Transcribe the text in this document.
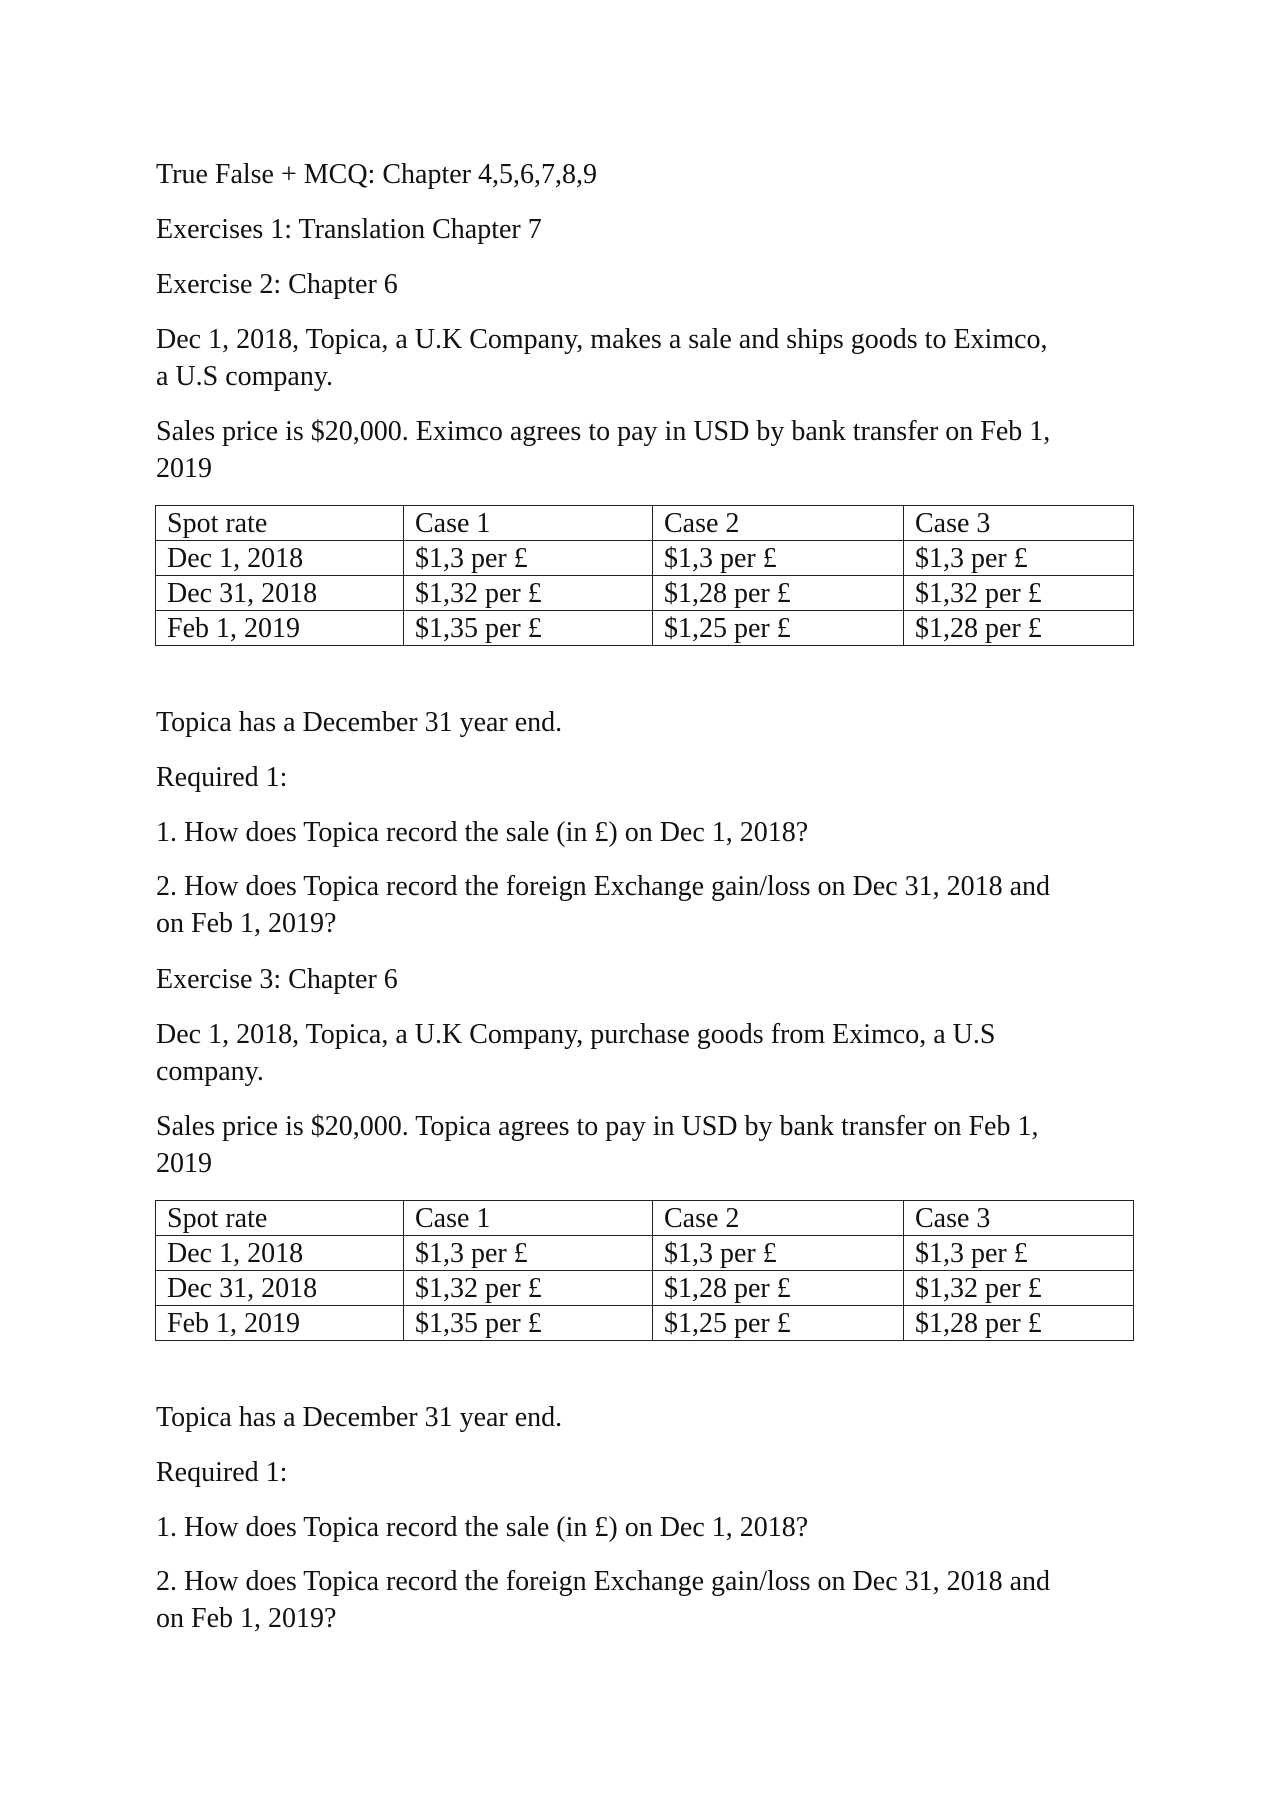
True False + MCQ: Chapter 4,5,6,7,8,9

Exercises 1: Translation Chapter 7

Exercise 2: Chapter 6

Dec 1, 2018, Topica, a U.K Company, makes a sale and ships goods to Eximco,
a U.S company.

Sales price is $20,000. Eximco agrees to pay in USD by bank transfer on Feb 1,
2019

Spot rate	Case 1	Case 2	Case 3
Dec 1, 2018	$1,3 per £	$1,3 per £	$1,3 per £
Dec 31, 2018	$1,32 per £	$1,28 per £	$1,32 per £
Feb 1, 2019	$1,35 per £	$1,25 per £	$1,28 per £

Topica has a December 31 year end.

Required 1:

1. How does Topica record the sale (in £) on Dec 1, 2018?

2. How does Topica record the foreign Exchange gain/loss on Dec 31, 2018 and
on Feb 1, 2019?

Exercise 3: Chapter 6

Dec 1, 2018, Topica, a U.K Company, purchase goods from Eximco, a U.S
company.

Sales price is $20,000. Topica agrees to pay in USD by bank transfer on Feb 1,
2019

Spot rate	Case 1	Case 2	Case 3
Dec 1, 2018	$1,3 per £	$1,3 per £	$1,3 per £
Dec 31, 2018	$1,32 per £	$1,28 per £	$1,32 per £
Feb 1, 2019	$1,35 per £	$1,25 per £	$1,28 per £

Topica has a December 31 year end.

Required 1:

1. How does Topica record the sale (in £) on Dec 1, 2018?

2. How does Topica record the foreign Exchange gain/loss on Dec 31, 2018 and
on Feb 1, 2019?
